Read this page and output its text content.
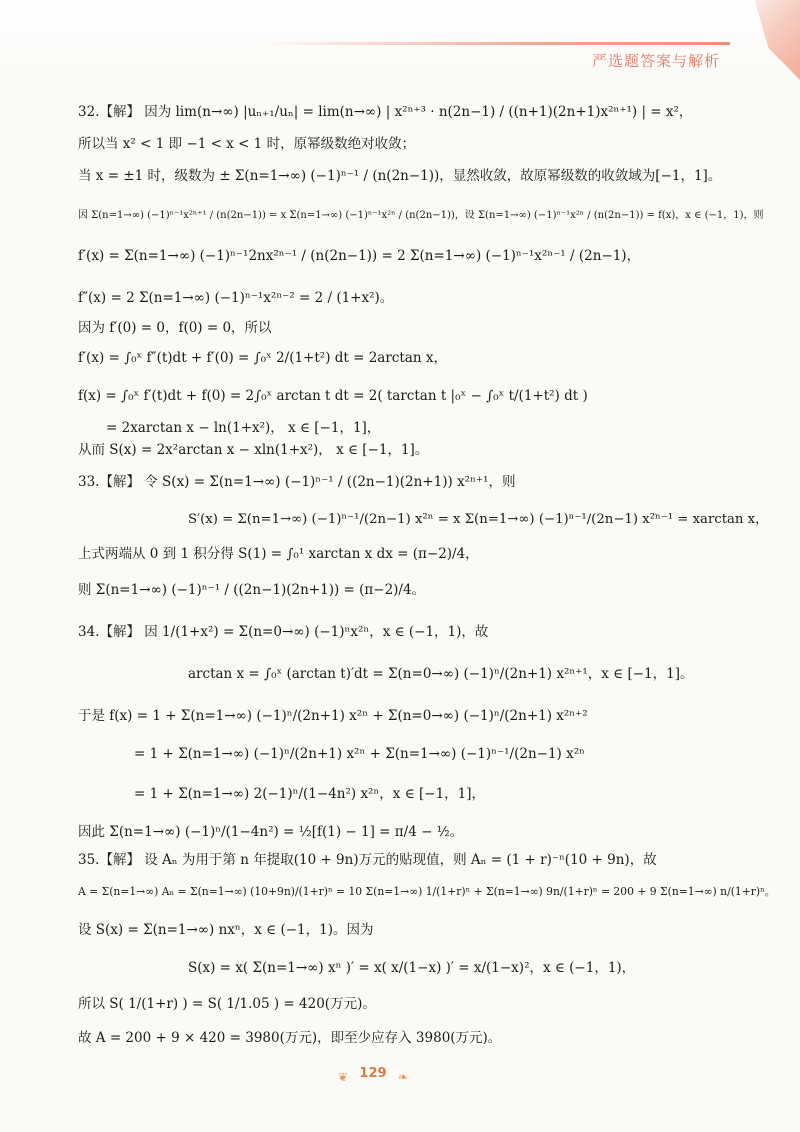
严选题答案与解析
32.【解】 因为 lim(n→∞) |uₙ₊₁/uₙ| = lim(n→∞) | x²ⁿ⁺³ · n(2n−1) / ((n+1)(2n+1)x²ⁿ⁺¹) | = x²，
所以当 x² < 1 即 −1 < x < 1 时，原幂级数绝对收敛；
当 x = ±1 时，级数为 ± Σ(n=1→∞) (−1)ⁿ⁻¹ / (n(2n−1))，显然收敛，故原幂级数的收敛域为[−1，1]。
因 Σ(n=1→∞) (−1)ⁿ⁻¹x²ⁿ⁺¹ / (n(2n−1)) = x Σ(n=1→∞) (−1)ⁿ⁻¹x²ⁿ / (n(2n−1))，设 Σ(n=1→∞) (−1)ⁿ⁻¹x²ⁿ / (n(2n−1)) = f(x)，x ∈ (−1，1)，则
f′(x) = Σ(n=1→∞) (−1)ⁿ⁻¹2nx²ⁿ⁻¹ / (n(2n−1)) = 2 Σ(n=1→∞) (−1)ⁿ⁻¹x²ⁿ⁻¹ / (2n−1)，
f″(x) = 2 Σ(n=1→∞) (−1)ⁿ⁻¹x²ⁿ⁻² = 2 / (1+x²)。
因为 f′(0) = 0，f(0) = 0，所以
f′(x) = ∫₀ˣ f″(t)dt + f′(0) = ∫₀ˣ 2/(1+t²) dt = 2arctan x，
f(x) = ∫₀ˣ f′(t)dt + f(0) = 2∫₀ˣ arctan t dt = 2( tarctan t |₀ˣ − ∫₀ˣ t/(1+t²) dt )
= 2xarctan x − ln(1+x²)， x ∈ [−1，1]，
从而 S(x) = 2x²arctan x − xln(1+x²)， x ∈ [−1，1]。
33.【解】 令 S(x) = Σ(n=1→∞) (−1)ⁿ⁻¹ / ((2n−1)(2n+1)) x²ⁿ⁺¹，则
S′(x) = Σ(n=1→∞) (−1)ⁿ⁻¹/(2n−1) x²ⁿ = x Σ(n=1→∞) (−1)ⁿ⁻¹/(2n−1) x²ⁿ⁻¹ = xarctan x，
上式两端从 0 到 1 积分得 S(1) = ∫₀¹ xarctan x dx = (π−2)/4，
则 Σ(n=1→∞) (−1)ⁿ⁻¹ / ((2n−1)(2n+1)) = (π−2)/4。
34.【解】 因 1/(1+x²) = Σ(n=0→∞) (−1)ⁿx²ⁿ，x ∈ (−1，1)，故
arctan x = ∫₀ˣ (arctan t)′dt = Σ(n=0→∞) (−1)ⁿ/(2n+1) x²ⁿ⁺¹，x ∈ [−1，1]。
于是 f(x) = 1 + Σ(n=1→∞) (−1)ⁿ/(2n+1) x²ⁿ + Σ(n=0→∞) (−1)ⁿ/(2n+1) x²ⁿ⁺²
= 1 + Σ(n=1→∞) (−1)ⁿ/(2n+1) x²ⁿ + Σ(n=1→∞) (−1)ⁿ⁻¹/(2n−1) x²ⁿ
= 1 + Σ(n=1→∞) 2(−1)ⁿ/(1−4n²) x²ⁿ，x ∈ [−1，1]，
因此 Σ(n=1→∞) (−1)ⁿ/(1−4n²) = ½[f(1) − 1] = π/4 − ½。
35.【解】 设 Aₙ 为用于第 n 年提取(10 + 9n)万元的贴现值，则 Aₙ = (1 + r)⁻ⁿ(10 + 9n)，故
A = Σ(n=1→∞) Aₙ = Σ(n=1→∞) (10+9n)/(1+r)ⁿ = 10 Σ(n=1→∞) 1/(1+r)ⁿ + Σ(n=1→∞) 9n/(1+r)ⁿ = 200 + 9 Σ(n=1→∞) n/(1+r)ⁿ。
设 S(x) = Σ(n=1→∞) nxⁿ，x ∈ (−1，1)。因为
S(x) = x( Σ(n=1→∞) xⁿ )′ = x( x/(1−x) )′ = x/(1−x)²，x ∈ (−1，1)，
所以 S( 1/(1+r) ) = S( 1/1.05 ) = 420(万元)。
故 A = 200 + 9 × 420 = 3980(万元)，即至少应存入 3980(万元)。
❦ 129 ❧
